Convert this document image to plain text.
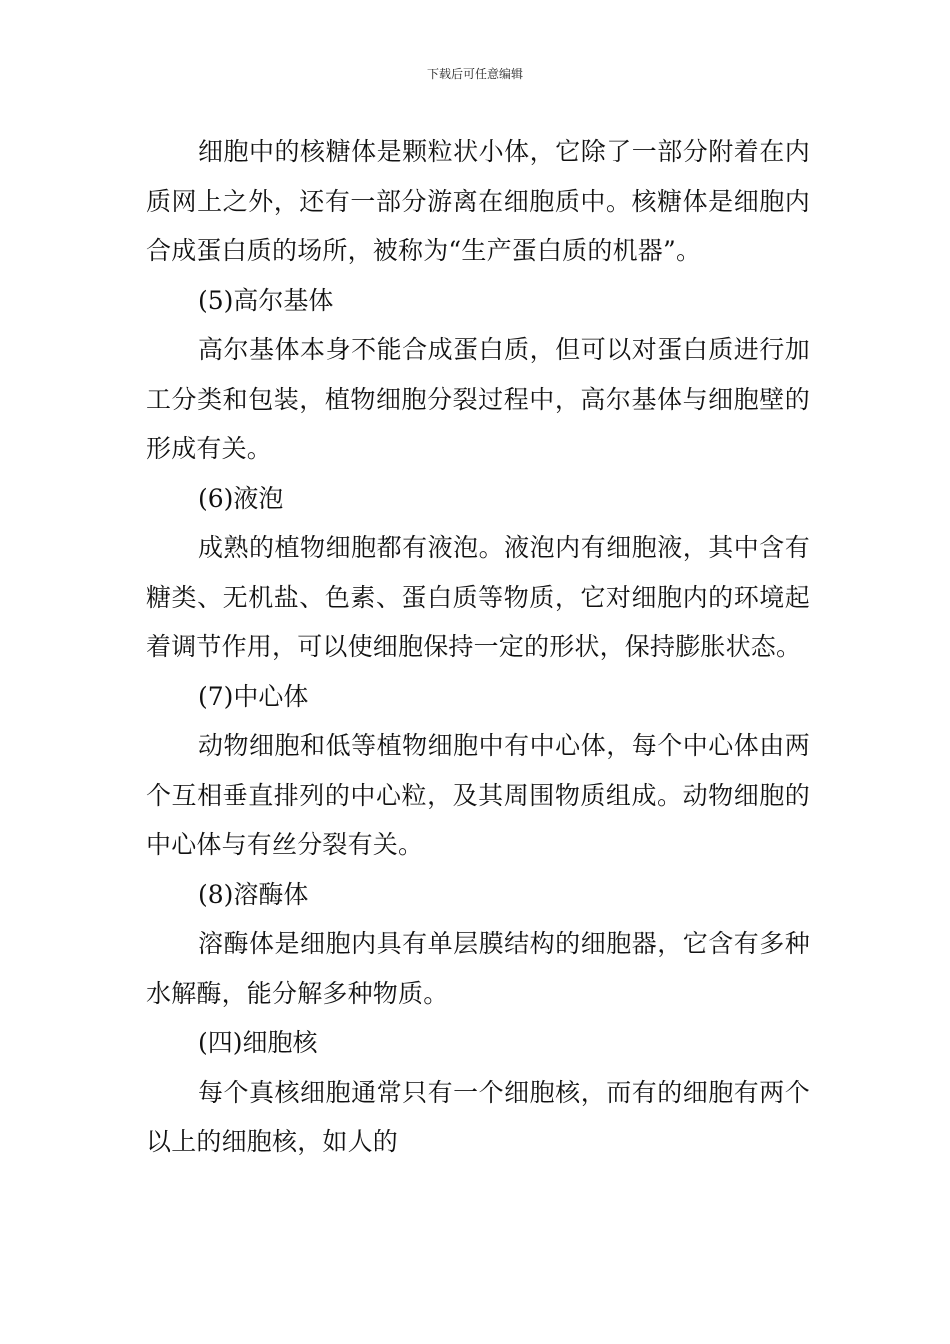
下载后可任意编辑

细胞中的核糖体是颗粒状小体，它除了一部分附着在内质网上之外，还有一部分游离在细胞质中。核糖体是细胞内合成蛋白质的场所，被称为“生产蛋白质的机器”。

(5)高尔基体

高尔基体本身不能合成蛋白质，但可以对蛋白质进行加工分类和包装，植物细胞分裂过程中，高尔基体与细胞壁的形成有关。

(6)液泡

成熟的植物细胞都有液泡。液泡内有细胞液，其中含有糖类、无机盐、色素、蛋白质等物质，它对细胞内的环境起着调节作用，可以使细胞保持一定的形状，保持膨胀状态。

(7)中心体

动物细胞和低等植物细胞中有中心体，每个中心体由两个互相垂直排列的中心粒，及其周围物质组成。动物细胞的中心体与有丝分裂有关。

(8)溶酶体

溶酶体是细胞内具有单层膜结构的细胞器，它含有多种水解酶，能分解多种物质。

(四)细胞核

每个真核细胞通常只有一个细胞核，而有的细胞有两个以上的细胞核，如人的
